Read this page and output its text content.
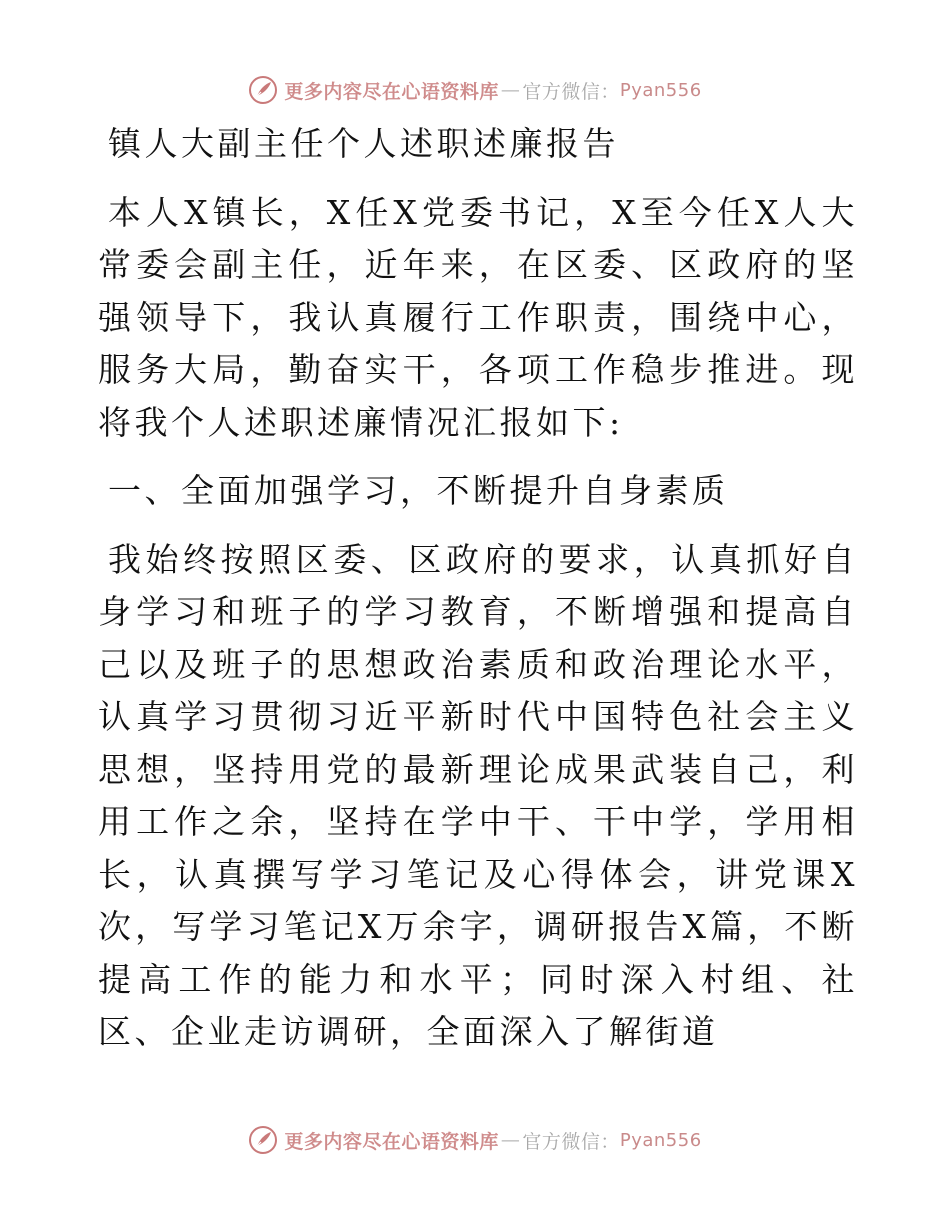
更多内容尽在心语资料库 — 官方微信： Pyan556

镇人大副主任个人述职述廉报告

本人X镇长，X任X党委书记，X至今任X人大常委会副主任，近年来，在区委、区政府的坚强领导下，我认真履行工作职责，围绕中心，服务大局，勤奋实干，各项工作稳步推进。现将我个人述职述廉情况汇报如下:

一、全面加强学习，不断提升自身素质

我始终按照区委、区政府的要求，认真抓好自身学习和班子的学习教育，不断增强和提高自己以及班子的思想政治素质和政治理论水平，认真学习贯彻习近平新时代中国特色社会主义思想，坚持用党的最新理论成果武装自己，利用工作之余，坚持在学中干、干中学，学用相长，认真撰写学习笔记及心得体会，讲党课X次，写学习笔记X万余字，调研报告X篇，不断提高工作的能力和水平；同时深入村组、社区、企业走访调研，全面深入了解街道

更多内容尽在心语资料库 — 官方微信： Pyan556
